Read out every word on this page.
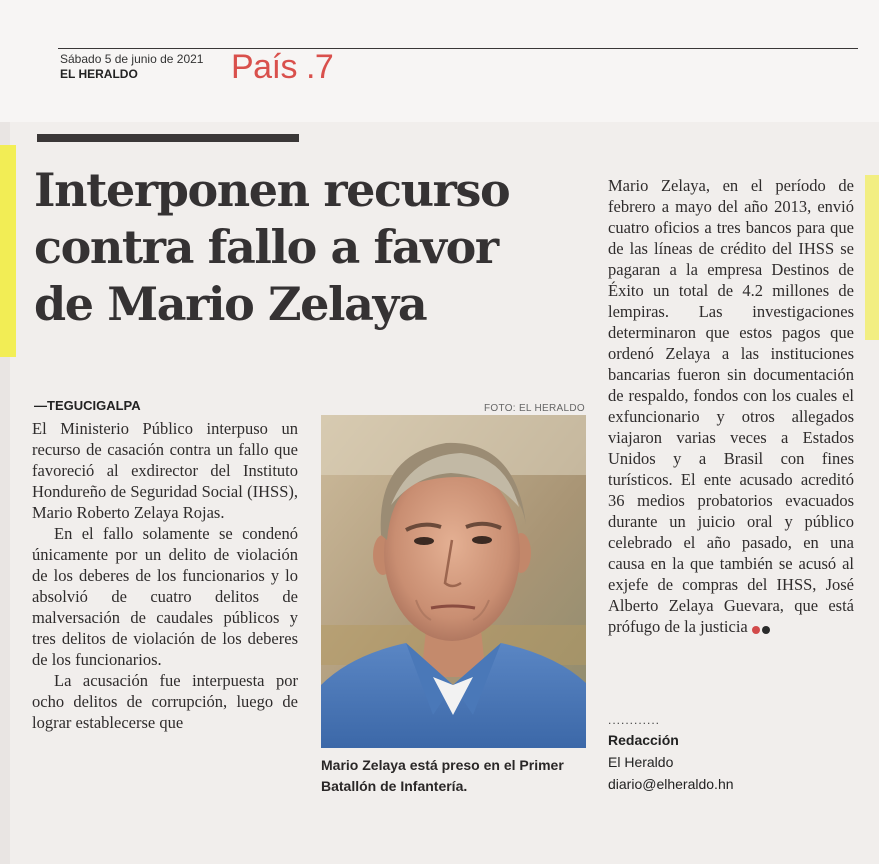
Sábado 5 de junio de 2021
EL HERALDO	País .7
Interponen recurso
contra fallo a favor
de Mario Zelaya
—TEGUCIGALPA

El Ministerio Público interpuso un recurso de casación contra un fallo que favoreció al exdirector del Instituto Hondureño de Seguridad Social (IHSS), Mario Roberto Zelaya Rojas.

En el fallo solamente se condenó únicamente por un delito de violación de los deberes de los funcionarios y lo absolvió de cuatro delitos de malversación de caudales públicos y tres delitos de violación de los deberes de los funcionarios.

La acusación fue interpuesta por ocho delitos de corrupción, luego de lograr establecerse que

FOTO: EL HERALDO
Mario Zelaya está preso en el Primer Batallón de Infantería.

Mario Zelaya, en el período de febrero a mayo del año 2013, envió cuatro oficios a tres bancos para que de las líneas de crédito del IHSS se pagaran a la empresa Destinos de Éxito un total de 4.2 millones de lempiras. Las investigaciones determinaron que estos pagos que ordenó Zelaya a las instituciones bancarias fueron sin documentación de respaldo, fondos con los cuales el exfuncionario y otros allegados viajaron varias veces a Estados Unidos y a Brasil con fines turísticos. El ente acusado acreditó 36 medios probatorios evacuados durante un juicio oral y público celebrado el año pasado, en una causa en la que también se acusó al exjefe de compras del IHSS, José Alberto Zelaya Guevara, que está prófugo de la justicia

............
Redacción
El Heraldo
diario@elheraldo.hn
